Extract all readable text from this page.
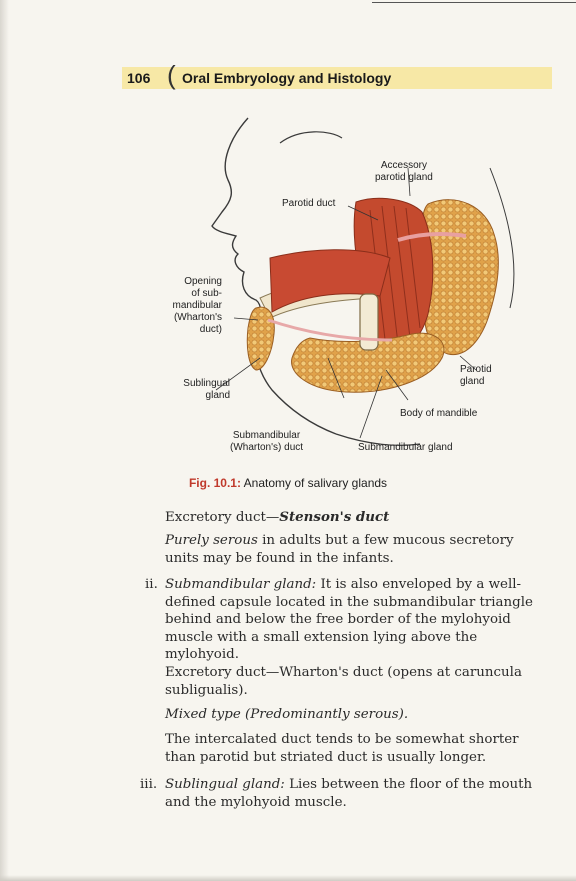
106 ( Oral Embryology and Histology
Accessory
parotid gland
Parotid duct
Opening
of sub-
mandibular
(Wharton's
duct)
Sublingual
gland
Parotid
gland
Body of mandible
Submandibular
(Wharton's) duct	Submandibular gland
Fig. 10.1: Anatomy of salivary glands
Excretory duct—Stenson's duct
Purely serous in adults but a few mucous secretory units may be found in the infants.
ii. Submandibular gland: It is also enveloped by a well-defined capsule located in the submandibular triangle behind and below the free border of the mylohyoid muscle with a small extension lying above the mylohyoid.
Excretory duct—Wharton's duct (opens at caruncula subligualis).
Mixed type (Predominantly serous).
The intercalated duct tends to be somewhat shorter than parotid but striated duct is usually longer.
iii. Sublingual gland: Lies between the floor of the mouth and the mylohyoid muscle.
